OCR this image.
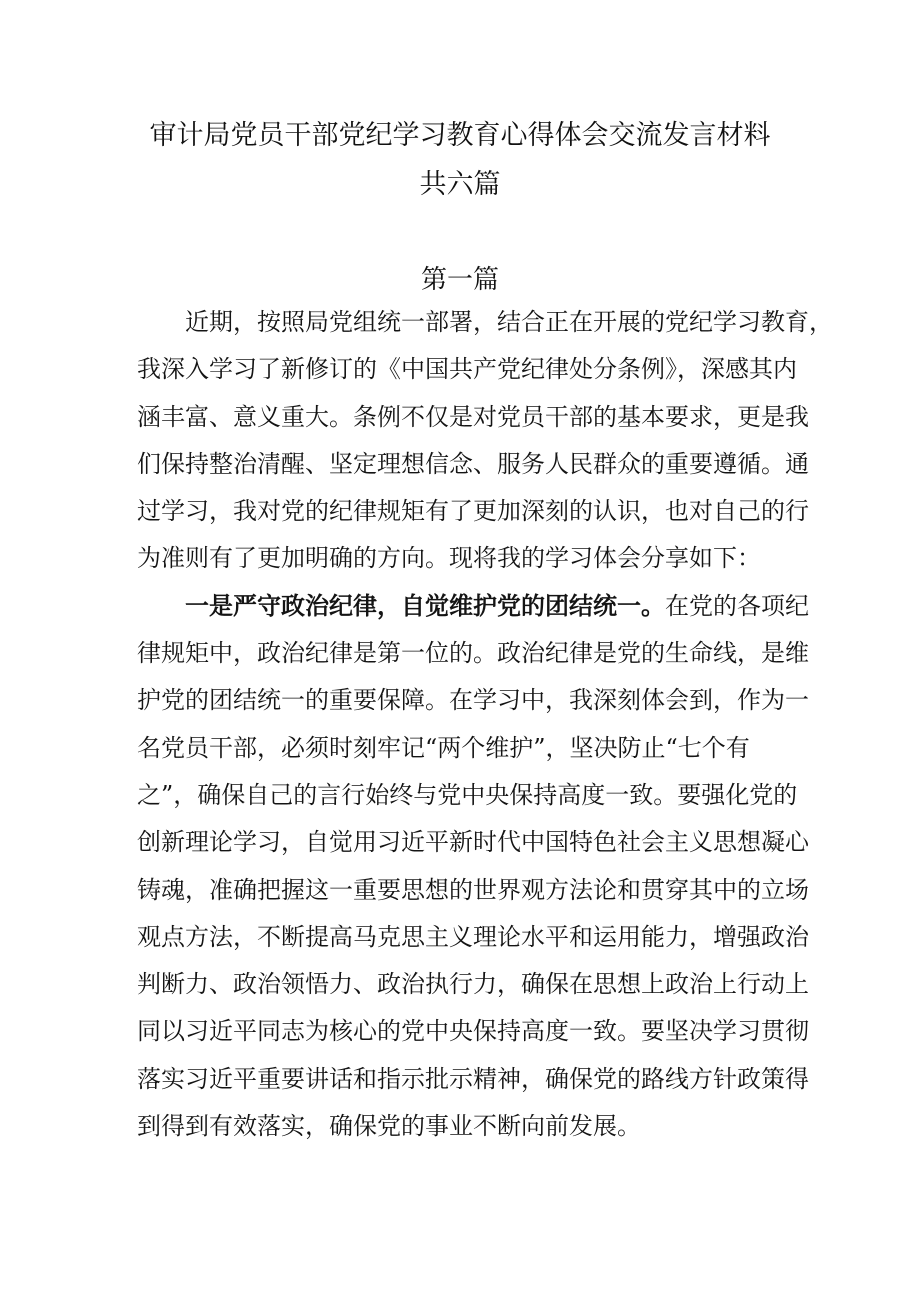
审计局党员干部党纪学习教育心得体会交流发言材料
共六篇
第一篇
近期，按照局党组统一部署，结合正在开展的党纪学习教育，
我深入学习了新修订的《中国共产党纪律处分条例》，深感其内
涵丰富、意义重大。条例不仅是对党员干部的基本要求，更是我
们保持整治清醒、坚定理想信念、服务人民群众的重要遵循。通
过学习，我对党的纪律规矩有了更加深刻的认识，也对自己的行
为准则有了更加明确的方向。现将我的学习体会分享如下：
一是严守政治纪律，自觉维护党的团结统一。在党的各项纪
律规矩中，政治纪律是第一位的。政治纪律是党的生命线，是维
护党的团结统一的重要保障。在学习中，我深刻体会到，作为一
名党员干部，必须时刻牢记“两个维护”，坚决防止“七个有
之”，确保自己的言行始终与党中央保持高度一致。要强化党的
创新理论学习，自觉用习近平新时代中国特色社会主义思想凝心
铸魂，准确把握这一重要思想的世界观方法论和贯穿其中的立场
观点方法，不断提高马克思主义理论水平和运用能力，增强政治
判断力、政治领悟力、政治执行力，确保在思想上政治上行动上
同以习近平同志为核心的党中央保持高度一致。要坚决学习贯彻
落实习近平重要讲话和指示批示精神，确保党的路线方针政策得
到得到有效落实，确保党的事业不断向前发展。
